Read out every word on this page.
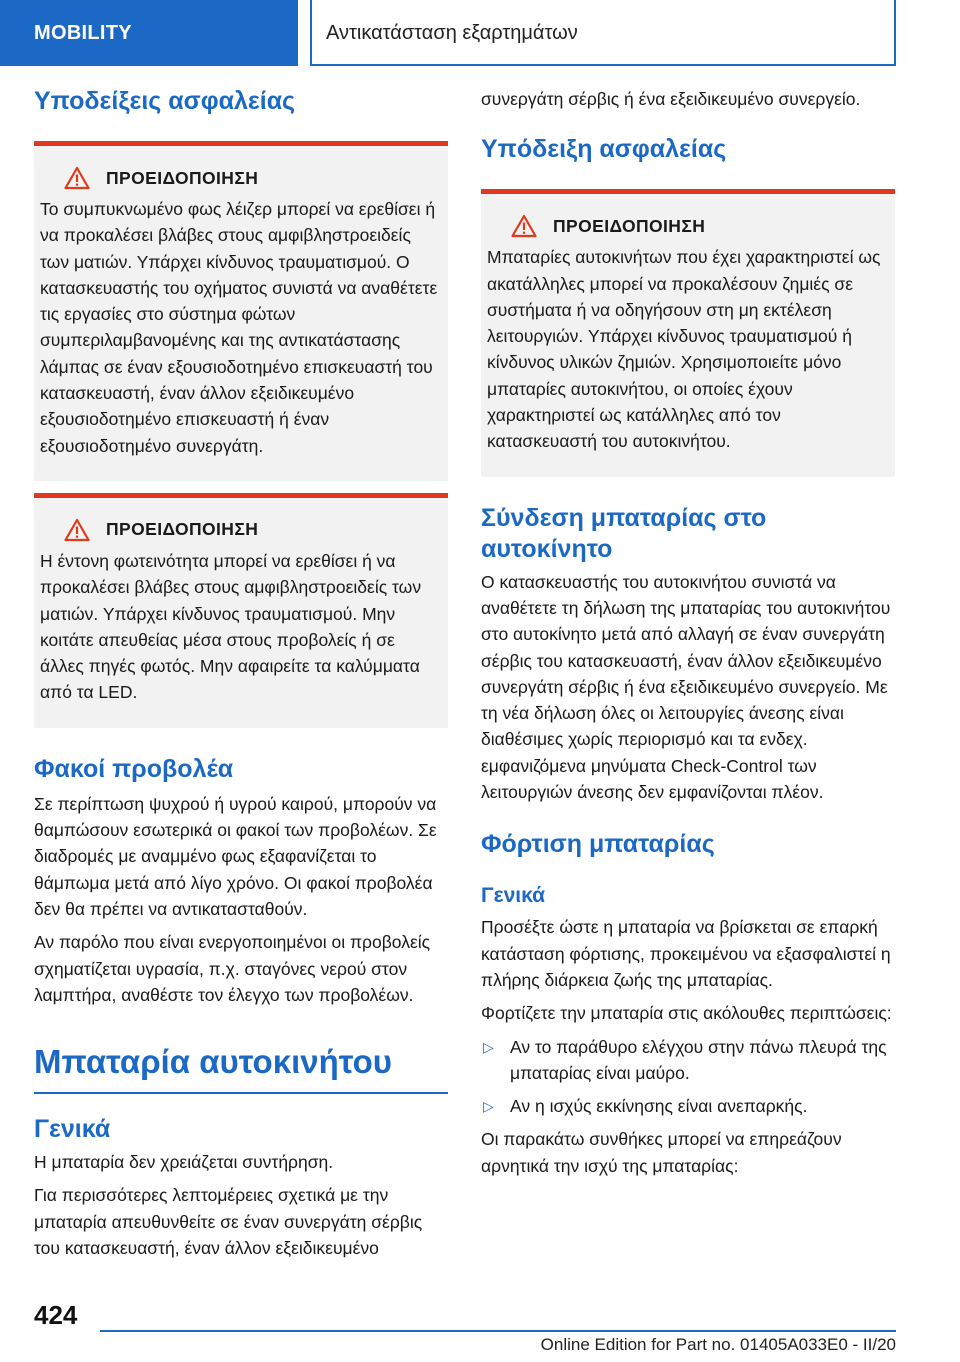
MOBILITY	Αντικατάσταση εξαρτημάτων
Υποδείξεις ασφαλείας
ΠΡΟΕΙΔΟΠΟΙΗΣΗ
Το συμπυκνωμένο φως λέιζερ μπορεί να ερεθίσει ή να προκαλέσει βλάβες στους αμφιβληστροειδείς των ματιών. Υπάρχει κίνδυνος τραυματισμού. Ο κατασκευαστής του οχήματος συνιστά να αναθέτετε τις εργασίες στο σύστημα φώτων συμπεριλαμβανομένης και της αντικατάστασης λάμπας σε έναν εξουσιοδοτημένο επισκευαστή του κατασκευαστή, έναν άλλον εξειδικευμένο εξουσιοδοτημένο επισκευαστή ή έναν εξουσιοδοτημένο συνεργάτη.
ΠΡΟΕΙΔΟΠΟΙΗΣΗ
Η έντονη φωτεινότητα μπορεί να ερεθίσει ή να προκαλέσει βλάβες στους αμφιβληστροειδείς των ματιών. Υπάρχει κίνδυνος τραυματισμού. Μην κοιτάτε απευθείας μέσα στους προβολείς ή σε άλλες πηγές φωτός. Μην αφαιρείτε τα καλύμματα από τα LED.
Φακοί προβολέα
Σε περίπτωση ψυχρού ή υγρού καιρού, μπορούν να θαμπώσουν εσωτερικά οι φακοί των προβολέων. Σε διαδρομές με αναμμένο φως εξαφανίζεται το θάμπωμα μετά από λίγο χρόνο. Οι φακοί προβολέα δεν θα πρέπει να αντικατασταθούν.
Αν παρόλο που είναι ενεργοποιημένοι οι προβολείς σχηματίζεται υγρασία, π.χ. σταγόνες νερού στον λαμπτήρα, αναθέστε τον έλεγχο των προβολέων.
Μπαταρία αυτοκινήτου
Γενικά
Η μπαταρία δεν χρειάζεται συντήρηση.
Για περισσότερες λεπτομέρειες σχετικά με την μπαταρία απευθυνθείτε σε έναν συνεργάτη σέρβις του κατασκευαστή, έναν άλλον εξειδικευμένο
συνεργάτη σέρβις ή ένα εξειδικευμένο συνεργείο.
Υπόδειξη ασφαλείας
ΠΡΟΕΙΔΟΠΟΙΗΣΗ
Μπαταρίες αυτοκινήτων που έχει χαρακτηριστεί ως ακατάλληλες μπορεί να προκαλέσουν ζημιές σε συστήματα ή να οδηγήσουν στη μη εκτέλεση λειτουργιών. Υπάρχει κίνδυνος τραυματισμού ή κίνδυνος υλικών ζημιών. Χρησιμοποιείτε μόνο μπαταρίες αυτοκινήτου, οι οποίες έχουν χαρακτηριστεί ως κατάλληλες από τον κατασκευαστή του αυτοκινήτου.
Σύνδεση μπαταρίας στο αυτοκίνητο
Ο κατασκευαστής του αυτοκινήτου συνιστά να αναθέτετε τη δήλωση της μπαταρίας του αυτοκινήτου στο αυτοκίνητο μετά από αλλαγή σε έναν συνεργάτη σέρβις του κατασκευαστή, έναν άλλον εξειδικευμένο συνεργάτη σέρβις ή ένα εξειδικευμένο συνεργείο. Με τη νέα δήλωση όλες οι λειτουργίες άνεσης είναι διαθέσιμες χωρίς περιορισμό και τα ενδεχ. εμφανιζόμενα μηνύματα Check-Control των λειτουργιών άνεσης δεν εμφανίζονται πλέον.
Φόρτιση μπαταρίας
Γενικά
Προσέξτε ώστε η μπαταρία να βρίσκεται σε επαρκή κατάσταση φόρτισης, προκειμένου να εξασφαλιστεί η πλήρης διάρκεια ζωής της μπαταρίας.
Φορτίζετε την μπαταρία στις ακόλουθες περιπτώσεις:
▷ Αν το παράθυρο ελέγχου στην πάνω πλευρά της μπαταρίας είναι μαύρο.
▷ Αν η ισχύς εκκίνησης είναι ανεπαρκής.
Οι παρακάτω συνθήκες μπορεί να επηρεάζουν αρνητικά την ισχύ της μπαταρίας:
424
Online Edition for Part no. 01405A033E0 - II/20
